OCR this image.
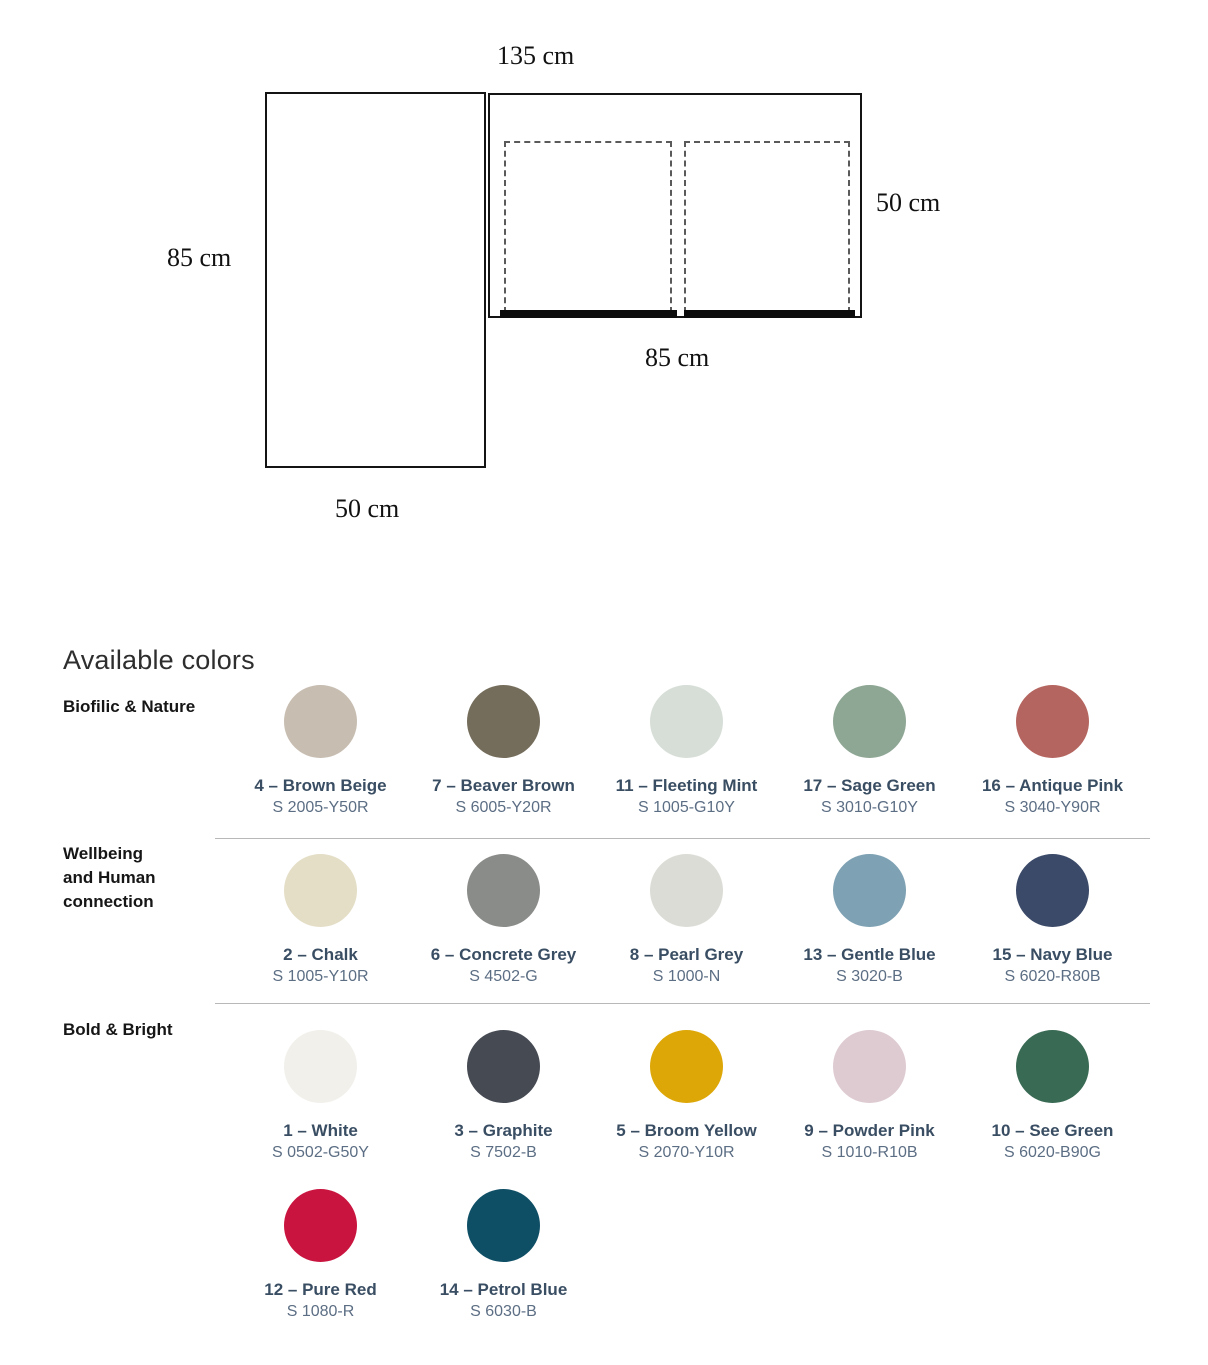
135 cm
85 cm
50 cm
85 cm
50 cm
Available colors
Biofilic & Nature
4 – Brown Beige
S 2005-Y50R
7 – Beaver Brown
S 6005-Y20R
11 – Fleeting Mint
S 1005-G10Y
17 – Sage Green
S 3010-G10Y
16 – Antique Pink
S 3040-Y90R
Wellbeing
and Human
connection
2 – Chalk
S 1005-Y10R
6 – Concrete Grey
S 4502-G
8 – Pearl Grey
S 1000-N
13 – Gentle Blue
S 3020-B
15 – Navy Blue
S 6020-R80B
Bold & Bright
1 – White
S 0502-G50Y
3 – Graphite
S 7502-B
5 – Broom Yellow
S 2070-Y10R
9 – Powder Pink
S 1010-R10B
10 – See Green
S 6020-B90G
12 – Pure Red
S 1080-R
14 – Petrol Blue
S 6030-B
